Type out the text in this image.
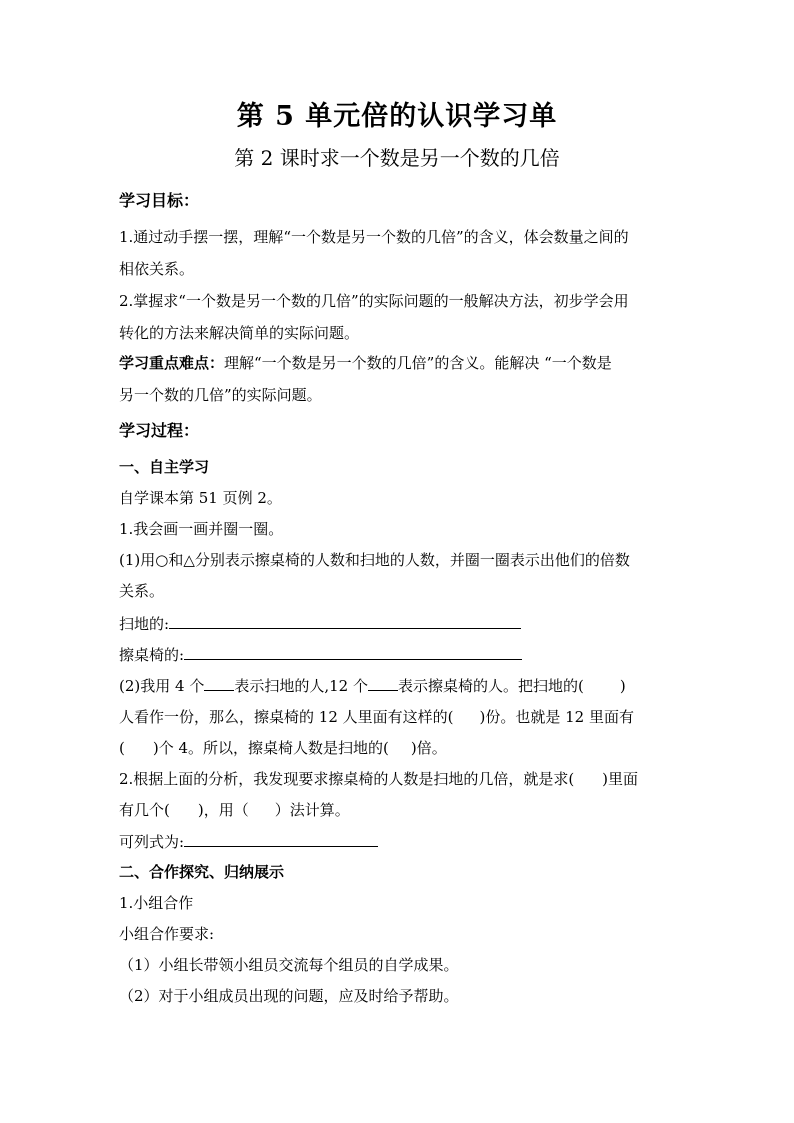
第 5 单元倍的认识学习单
第 2 课时求一个数是另一个数的几倍
学习目标：
1.通过动手摆一摆，理解“一个数是另一个数的几倍”的含义，体会数量之间的
相依关系。
2.掌握求“一个数是另一个数的几倍”的实际问题的一般解决方法，初步学会用
转化的方法来解决简单的实际问题。
学习重点难点：理解“一个数是另一个数的几倍”的含义。能解决 “一个数是
另一个数的几倍”的实际问题。
学习过程：
一、自主学习
自学课本第 51 页例 2。
1.我会画一画并圈一圈。
(1)用○和△分别表示擦桌椅的人数和扫地的人数，并圈一圈表示出他们的倍数
关系。
扫地的:
擦桌椅的:
(2)我用 4 个 表示扫地的人,12 个 表示擦桌椅的人。把扫地的( )
人看作一份，那么，擦桌椅的 12 人里面有这样的( )份。也就是 12 里面有
( )个 4。所以，擦桌椅人数是扫地的( )倍。
2.根据上面的分析，我发现要求擦桌椅的人数是扫地的几倍，就是求( )里面
有几个( )，用（ ）法计算。
可列式为:
二、合作探究、归纳展示
1.小组合作
小组合作要求:
（1）小组长带领小组员交流每个组员的自学成果。
（2）对于小组成员出现的问题，应及时给予帮助。
